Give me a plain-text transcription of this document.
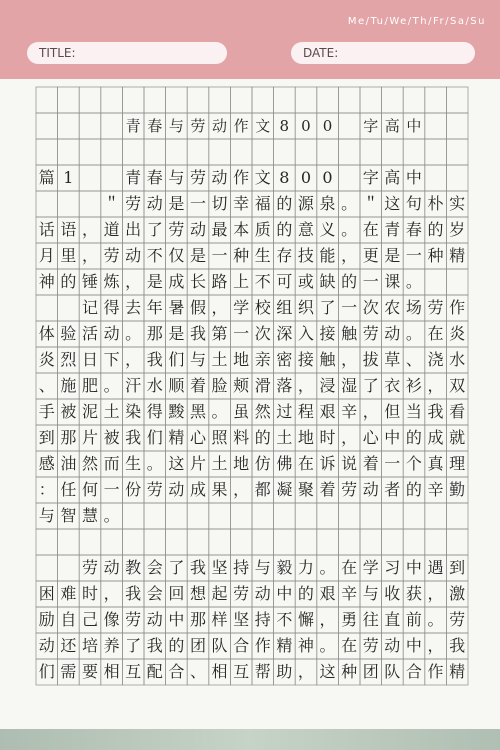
Me/Tu/We/Th/Fr/Sa/Su
TITLE:	DATE:
青 春 与 劳 动 作 文 8 0 0	字 高 中
篇 1	青 春 与 劳 动 作 文 8 0 0	字 高 中
＂ 劳 动 是 一 切 幸 福 的 源 泉 。 ＂ 这 句 朴 实
话 语 ， 道 出 了 劳 动 最 本 质 的 意 义 。 在 青 春 的 岁
月 里 ， 劳 动 不 仅 是 一 种 生 存 技 能 ， 更 是 一 种 精
神 的 锤 炼 ， 是 成 长 路 上 不 可 或 缺 的 一 课 。
记 得 去 年 暑 假 ， 学 校 组 织 了 一 次 农 场 劳 作
体 验 活 动 。 那 是 我 第 一 次 深 入 接 触 劳 动 。 在 炎
炎 烈 日 下 ， 我 们 与 土 地 亲 密 接 触 ， 拔 草 、 浇 水
、 施 肥 。 汗 水 顺 着 脸 颊 滑 落 ， 浸 湿 了 衣 衫 ， 双
手 被 泥 土 染 得 黢 黑 。 虽 然 过 程 艰 辛 ， 但 当 我 看
到 那 片 被 我 们 精 心 照 料 的 土 地 时 ， 心 中 的 成 就
感 油 然 而 生 。 这 片 土 地 仿 佛 在 诉 说 着 一 个 真 理
： 任 何 一 份 劳 动 成 果 ， 都 凝 聚 着 劳 动 者 的 辛 勤
与 智 慧 。
劳 动 教 会 了 我 坚 持 与 毅 力 。 在 学 习 中 遇 到
困 难 时 ， 我 会 回 想 起 劳 动 中 的 艰 辛 与 收 获 ， 激
励 自 己 像 劳 动 中 那 样 坚 持 不 懈 ， 勇 往 直 前 。 劳
动 还 培 养 了 我 的 团 队 合 作 精 神 。 在 劳 动 中 ， 我
们 需 要 相 互 配 合 、 相 互 帮 助 ， 这 种 团 队 合 作 精
